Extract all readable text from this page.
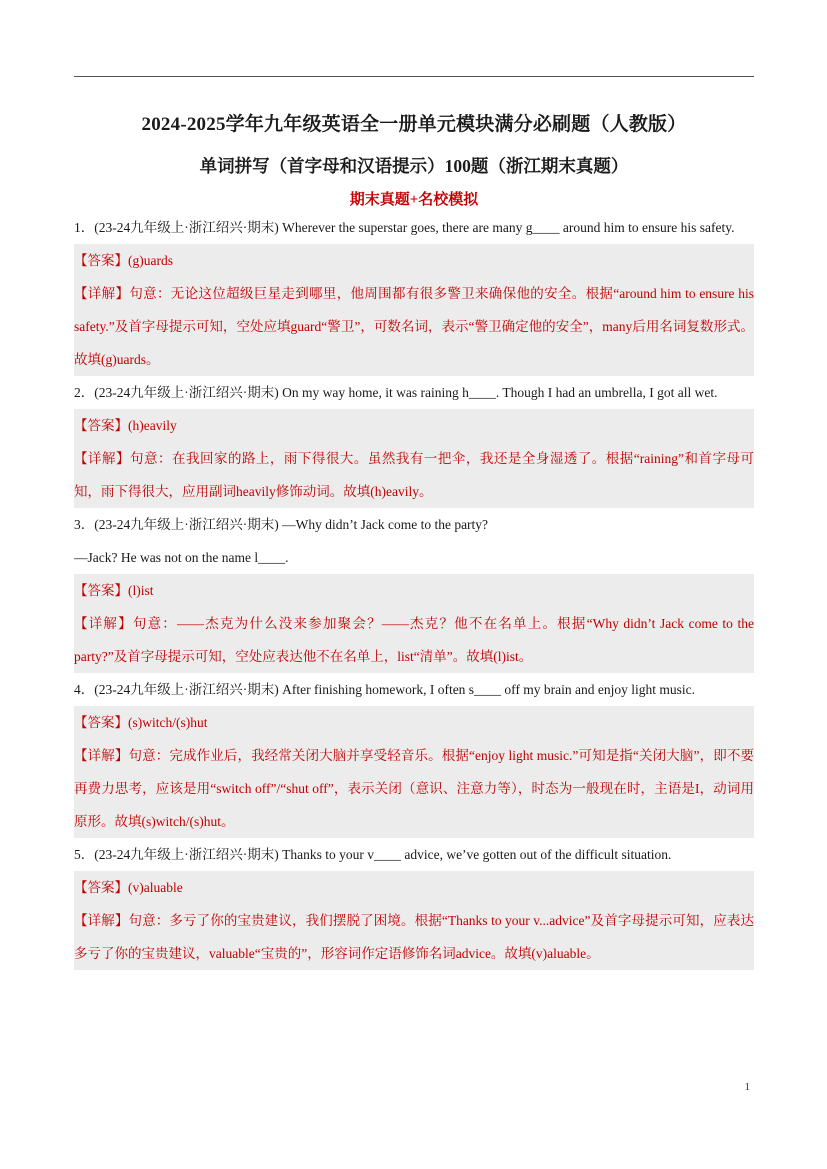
2024-2025学年九年级英语全一册单元模块满分必刷题（人教版）
单词拼写（首字母和汉语提示）100题（浙江期末真题）
期末真题+名校模拟

1．(23-24九年级上·浙江绍兴·期末) Wherever the superstar goes, there are many g____ around him to ensure his safety.

【答案】(g)uards

【详解】句意：无论这位超级巨星走到哪里，他周围都有很多警卫来确保他的安全。根据“around him to ensure his safety.”及首字母提示可知，空处应填guard“警卫”，可数名词，表示“警卫确定他的安全”，many后用名词复数形式。故填(g)uards。

2．(23-24九年级上·浙江绍兴·期末) On my way home, it was raining h____. Though I had an umbrella, I got all wet.

【答案】(h)eavily

【详解】句意：在我回家的路上，雨下得很大。虽然我有一把伞，我还是全身湿透了。根据“raining”和首字母可知，雨下得很大，应用副词heavily修饰动词。故填(h)eavily。

3．(23-24九年级上·浙江绍兴·期末) —Why didn’t Jack come to the party?

—Jack? He was not on the name l____.

【答案】(l)ist

【详解】句意：——杰克为什么没来参加聚会？——杰克？他不在名单上。根据“Why didn’t Jack come to the party?”及首字母提示可知，空处应表达他不在名单上，list“清单”。故填(l)ist。

4．(23-24九年级上·浙江绍兴·期末) After finishing homework, I often s____ off my brain and enjoy light music.

【答案】(s)witch/(s)hut

【详解】句意：完成作业后，我经常关闭大脑并享受轻音乐。根据“enjoy light music.”可知是指“关闭大脑”，即不要再费力思考，应该是用“switch off”/“shut off”，表示关闭（意识、注意力等），时态为一般现在时，主语是I，动词用原形。故填(s)witch/(s)hut。

5．(23-24九年级上·浙江绍兴·期末) Thanks to your v____ advice, we’ve gotten out of the difficult situation.

【答案】(v)aluable

【详解】句意：多亏了你的宝贵建议，我们摆脱了困境。根据“Thanks to your v...advice”及首字母提示可知，应表达多亏了你的宝贵建议，valuable“宝贵的”，形容词作定语修饰名词advice。故填(v)aluable。

1
